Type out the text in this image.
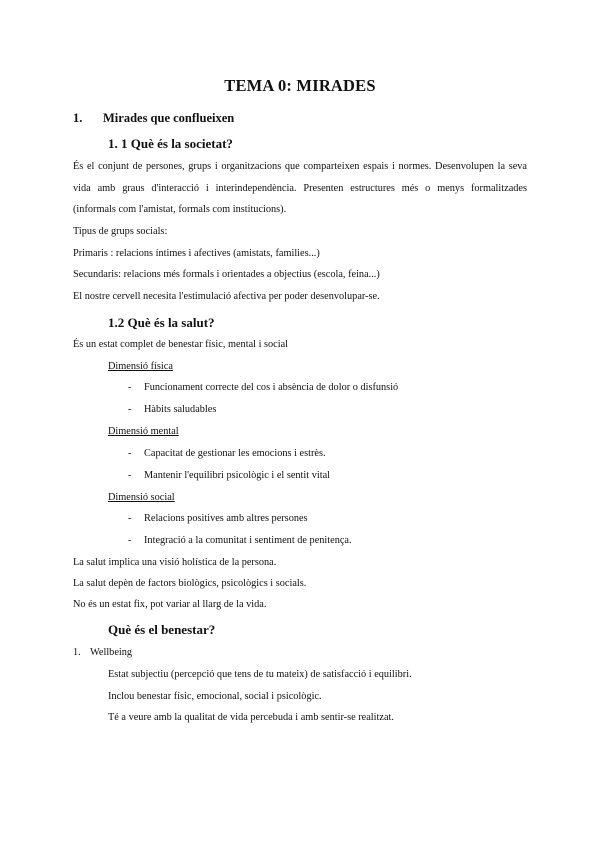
TEMA 0: MIRADES
1. Mirades que conflueixen
1. 1 Què és la societat?
És el conjunt de persones, grups i organitzacions que comparteixen espais i normes. Desenvolupen la seva
vida amb graus d'interacció i interindependència. Presenten estructures més o menys formalitzades
(informals com l'amistat, formals com institucions).
Tipus de grups socials:
Primaris : relacions íntimes i afectives (amistats, families...)
Secundaris: relacions més formals i orientades a objectius (escola, feina...)
El nostre cervell necesita l'estimulació afectiva per poder desenvolupar-se.
1.2 Què és la salut?
És un estat complet de benestar físic, mental i social
Dimensió física
- Funcionament correcte del cos i absència de dolor o disfunsió
- Hàbits saludables
Dimensió mental
- Capacitat de gestionar les emocions i estrès.
- Mantenir l'equilibri psicològic i el sentit vital
Dimensió social
- Relacions positives amb altres persones
- Integració a la comunitat i sentiment de penitença.
La salut implica una visió holística de la persona.
La salut depèn de factors biològics, psicològics i socials.
No és un estat fix, pot variar al llarg de la vida.
Què és el benestar?
1. Wellbeing
Estat subjectiu (percepció que tens de tu mateix) de satisfacció i equilibri.
Inclou benestar físic, emocional, social i psicològic.
Té a veure amb la qualitat de vida percebuda i amb sentir-se realitzat.
